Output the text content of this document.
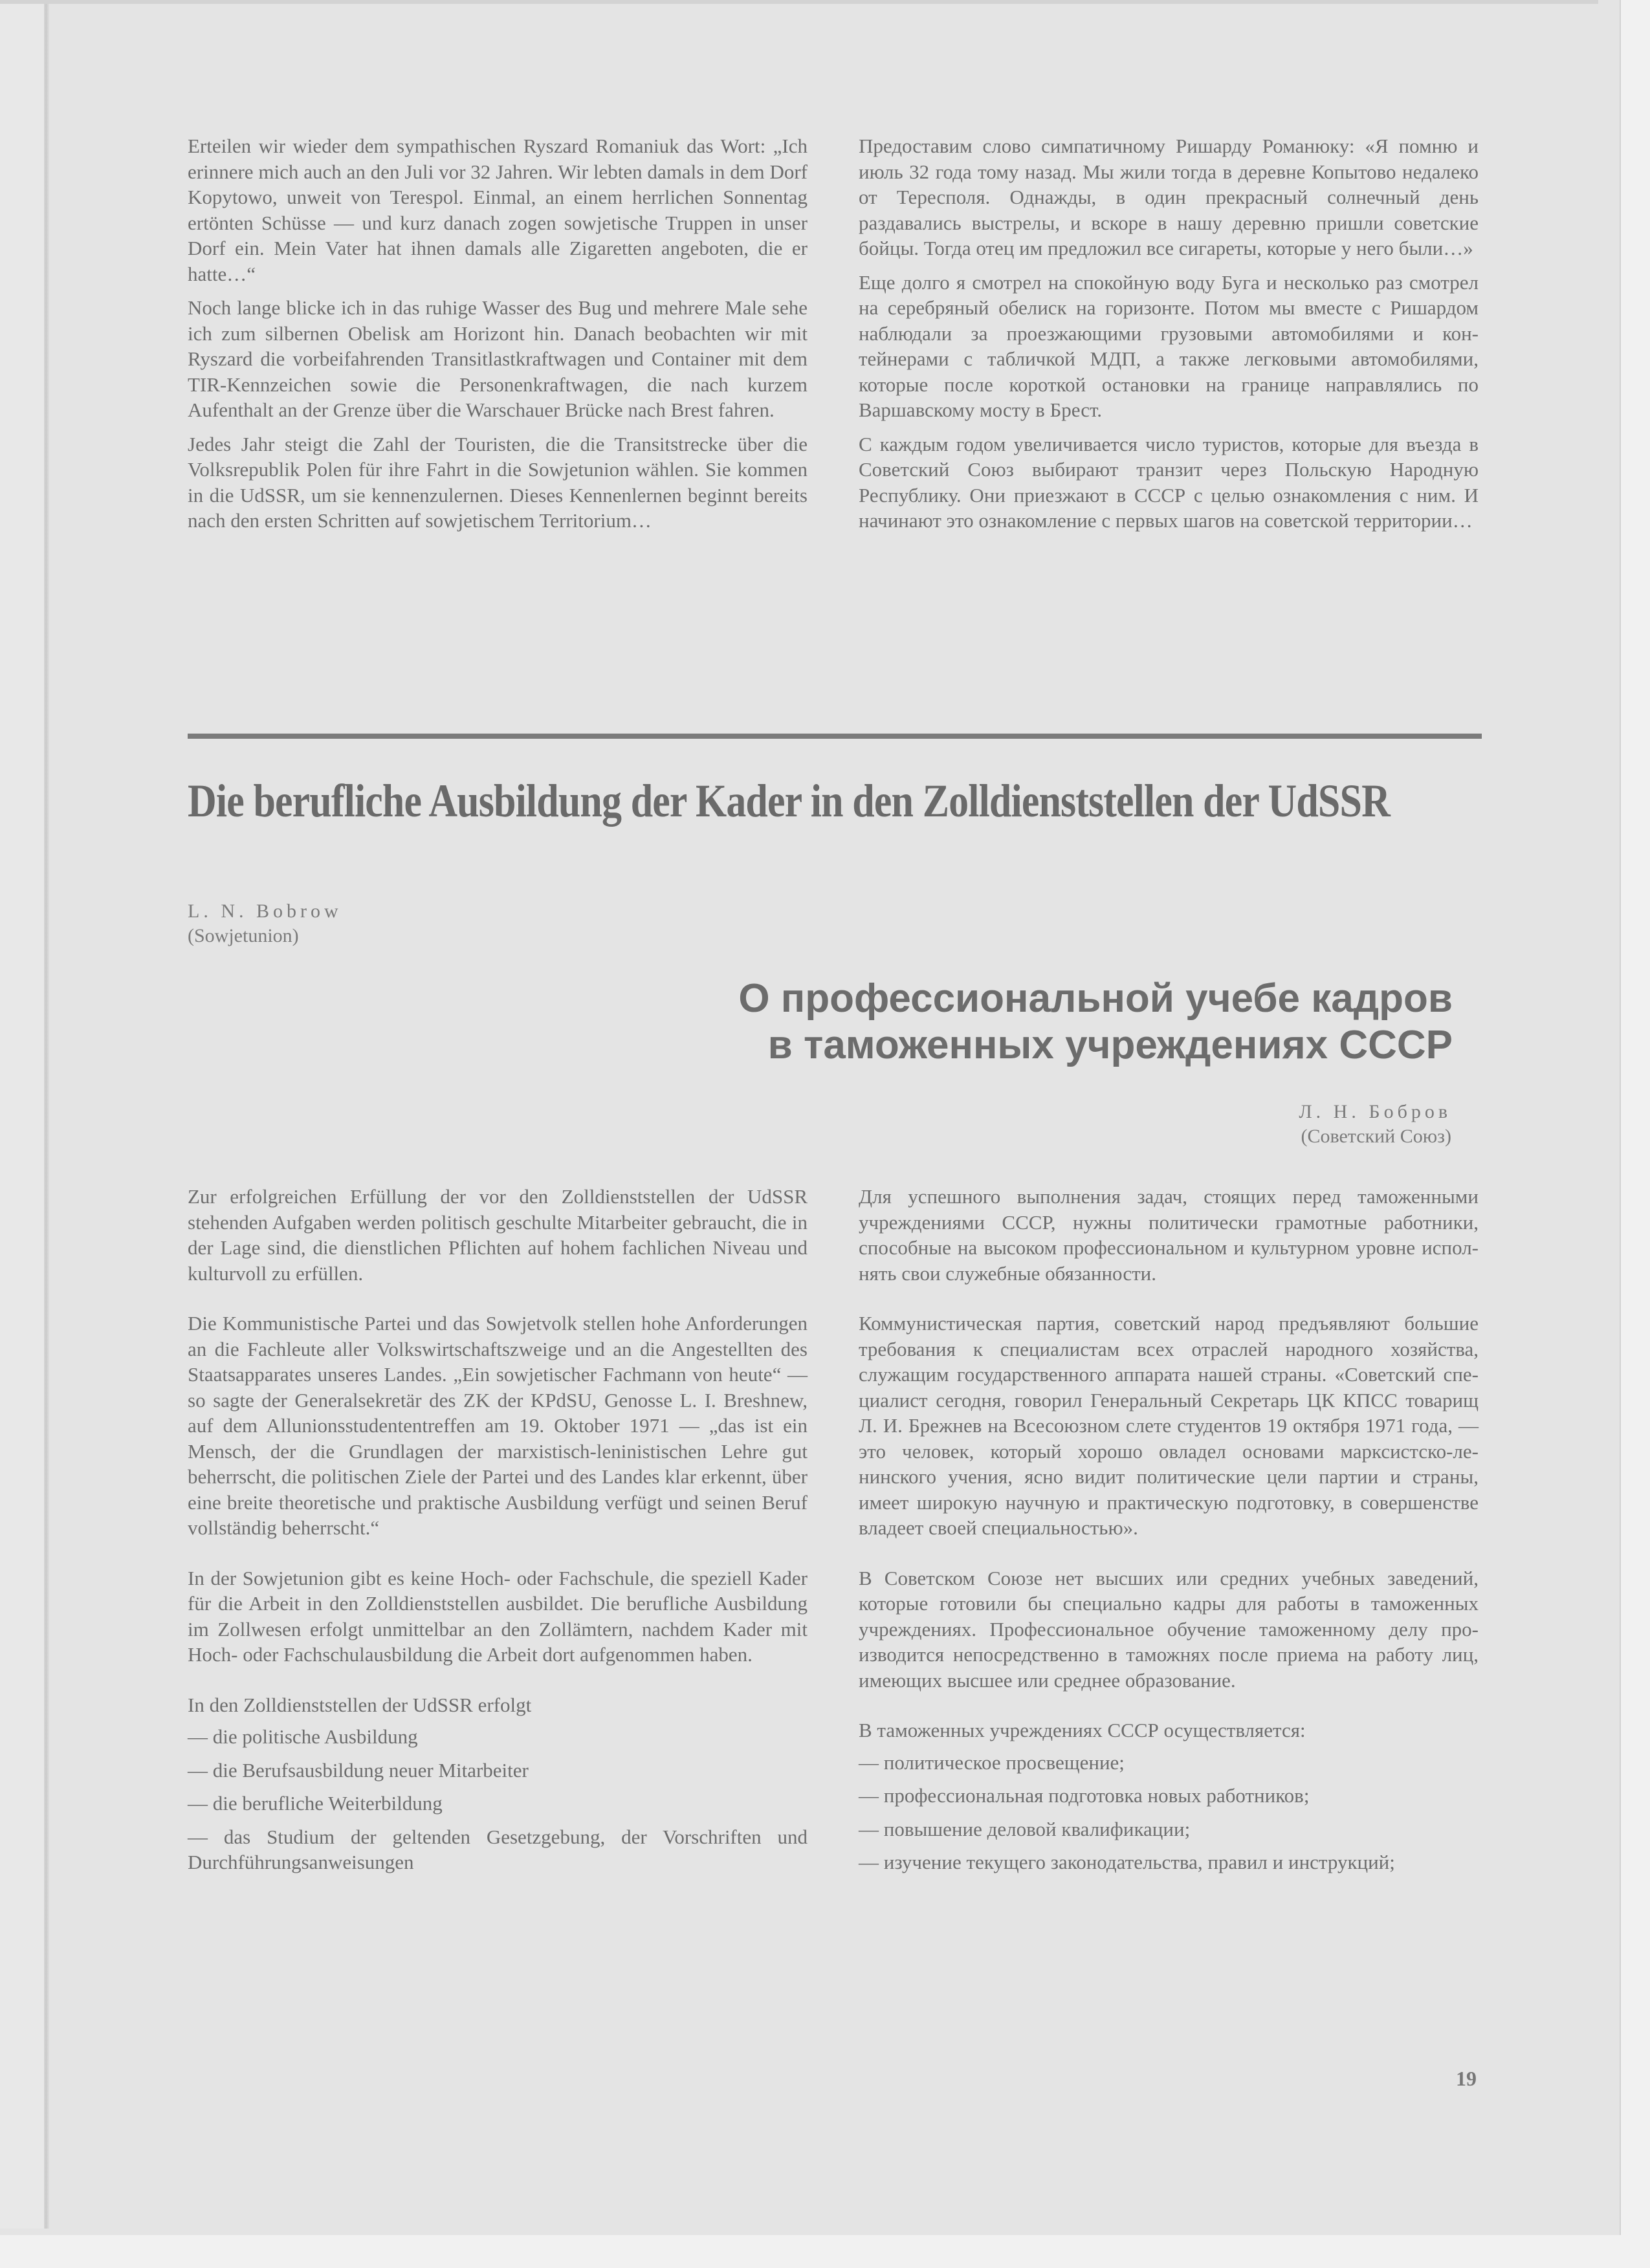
Erteilen wir wieder dem sympathischen Ryszard Romaniuk das Wort: „Ich erinnere mich auch an den Juli vor 32 Jahren. Wir lebten damals in dem Dorf Kopytowo, unweit von Terespol. Einmal, an einem herrlichen Sonnentag ertönten Schüsse — und kurz danach zogen sowjetische Truppen in unser Dorf ein. Mein Vater hat ihnen damals alle Zigaretten angeboten, die er hatte…“

Noch lange blicke ich in das ruhige Wasser des Bug und mehrere Male sehe ich zum silbernen Obelisk am Horizont hin. Danach beobachten wir mit Ryszard die vorbeifahrenden Transitlastkraftwagen und Container mit dem TIR-Kennzeichen sowie die Personenkraftwagen, die nach kurzem Aufenthalt an der Grenze über die Warschauer Brücke nach Brest fahren.

Jedes Jahr steigt die Zahl der Touristen, die die Transitstrecke über die Volksrepublik Polen für ihre Fahrt in die Sowjetunion wählen. Sie kommen in die UdSSR, um sie kennenzulernen. Dieses Kennenlernen beginnt bereits nach den ersten Schritten auf sowjetischem Territorium…

Предоставим слово симпатичному Ришарду Романюку: «Я помню и июль 32 года тому назад. Мы жили тогда в деревне Копытово недалеко от Тересполя. Однажды, в один прекрасный солнечный день раздавались выстрелы, и вскоре в нашу деревню пришли советские бойцы. Тогда отец им предложил все сигареты, которые у него были…»

Еще долго я смотрел на спокойную воду Буга и несколько раз смотрел на серебряный обелиск на горизонте. Потом мы вместе с Ришардом наблюдали за проезжающими грузовыми автомобилями и контейнерами с табличкой МДП, а также легковыми автомобилями, которые после короткой остановки на границе направлялись по Варшавскому мосту в Брест.

С каждым годом увеличивается число туристов, которые для въезда в Советский Союз выбирают транзит через Польскую Народную Республику. Они приезжают в СССР с целью ознакомления с ним. И начинают это ознакомление с первых шагов на советской территории…

Die berufliche Ausbildung der Kader in den Zolldienststellen der UdSSR
L. N. Bobrow
(Sowjetunion)
О профессиональной учебе кадров
в таможенных учреждениях СССР
Л. Н. Бобров
(Советский Союз)

Zur erfolgreichen Erfüllung der vor den Zolldienststellen der UdSSR stehenden Aufgaben werden politisch geschulte Mitarbeiter gebraucht, die in der Lage sind, die dienstlichen Pflichten auf hohem fachlichen Niveau und kulturvoll zu erfüllen.

Die Kommunistische Partei und das Sowjetvolk stellen hohe Anforderungen an die Fachleute aller Volkswirtschaftszweige und an die Angestellten des Staatsapparates unseres Landes. „Ein sowjetischer Fachmann von heute“ — so sagte der Generalsekretär des ZK der KPdSU, Genosse L. I. Breshnew, auf dem Allunionsstudententreffen am 19. Oktober 1971 — „das ist ein Mensch, der die Grundlagen der marxistisch-leninistischen Lehre gut beherrscht, die politischen Ziele der Partei und des Landes klar erkennt, über eine breite theoretische und praktische Ausbildung verfügt und seinen Beruf vollständig beherrscht.“

In der Sowjetunion gibt es keine Hoch- oder Fachschule, die speziell Kader für die Arbeit in den Zolldienststellen ausbildet. Die berufliche Ausbildung im Zollwesen erfolgt unmittelbar an den Zollämtern, nachdem Kader mit Hoch- oder Fachschulausbildung die Arbeit dort aufgenommen haben.

In den Zolldienststellen der UdSSR erfolgt

— die politische Ausbildung
— die Berufsausbildung neuer Mitarbeiter
— die berufliche Weiterbildung
— das Studium der geltenden Gesetzgebung, der Vorschriften und Durchführungsanweisungen

Для успешного выполнения задач, стоящих перед таможенными учреждениями СССР, нужны политически грамотные работники, способные на высоком профессиональном и культурном уровне исполнять свои служебные обязанности.

Коммунистическая партия, советский народ предъявляют большие требования к специалистам всех отраслей народного хозяйства, служащим государственного аппарата нашей страны. «Советский специалист сегодня, говорил Генеральный Секретарь ЦК КПСС товарищ Л. И. Брежнев на Всесоюзном слете студентов 19 октября 1971 года, — это человек, который хорошо овладел основами марксистско-ленинского учения, ясно видит политические цели партии и страны, имеет широкую научную и практическую подготовку, в совершенстве владеет своей специальностью».

В Советском Союзе нет высших или средних учебных заведений, которые готовили бы специально кадры для работы в таможенных учреждениях. Профессиональное обучение таможенному делу производится непосредственно в таможнях после приема на работу лиц, имеющих высшее или среднее образование.

В таможенных учреждениях СССР осуществляется:

— политическое просвещение;
— профессиональная подготовка новых работников;
— повышение деловой квалификации;
— изучение текущего законодательства, правил и инструкций;
19
